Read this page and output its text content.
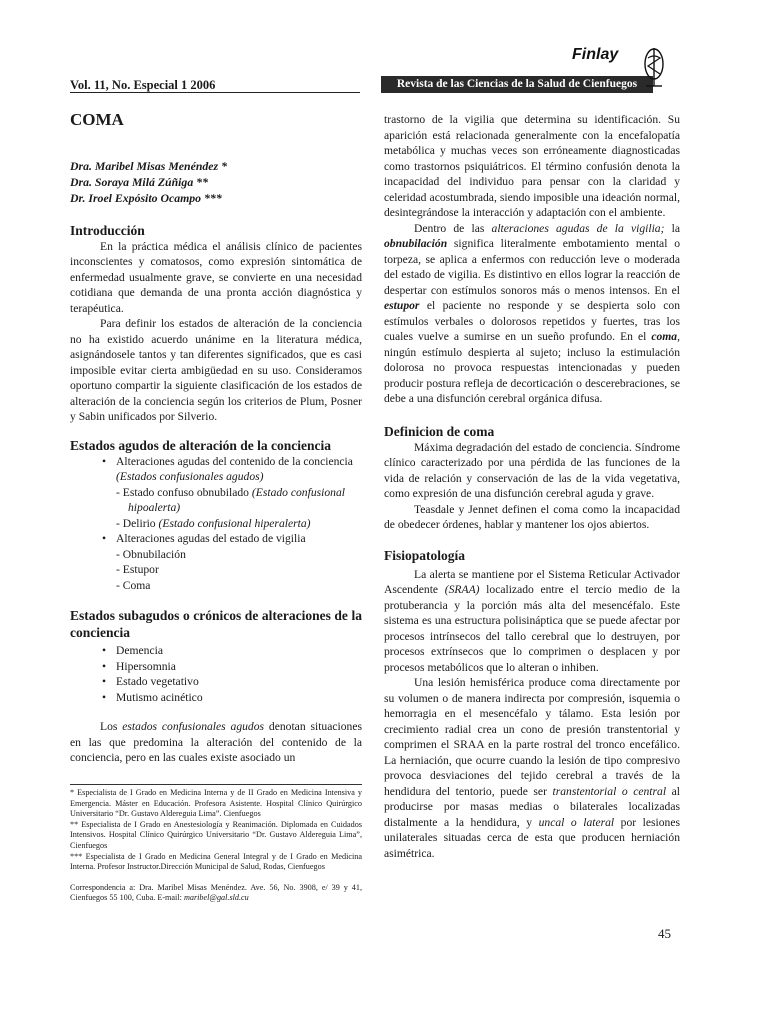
Vol. 11, No. Especial 1 2006	Revista de las Ciencias de la Salud de Cienfuegos
Finlay
COMA
Dra. Maribel Misas Menéndez *
Dra. Soraya Milá Zúñiga **
Dr. Iroel Expósito Ocampo ***
Introducción

En la práctica médica el análisis clínico de pacientes inconscientes y comatosos, como expresión sintomática de enfermedad usualmente grave, se convierte en una necesidad cotidiana que demanda de una pronta acción diagnóstica y terapéutica.

Para definir los estados de alteración de la conciencia no ha existido acuerdo unánime en la literatura médica, asignándosele tantos y tan diferentes significados, que es casi imposible evitar cierta ambigüedad en su uso. Consideramos oportuno compartir la siguiente clasificación de los estados de alteración de la conciencia según los criterios de Plum, Posner y Sabin unificados por Silverio.

Estados agudos de alteración de la conciencia
• Alteraciones agudas del contenido de la conciencia
(Estados confusionales agudos)
- Estado confuso obnubilado (Estado confusional
hipoalerta)
- Delirio (Estado confusional hiperalerta)
• Alteraciones agudas del estado de vigilia
- Obnubilación
- Estupor
- Coma
Estados subagudos o crónicos de alteraciones de la conciencia
• Demencia
• Hipersomnia
• Estado vegetativo
• Mutismo acinético

Los estados confusionales agudos denotan situaciones en las que predomina la alteración del contenido de la conciencia, pero en las cuales existe asociado un

* Especialista de I Grado en Medicina Interna y de II Grado en Medicina Intensiva y Emergencia. Máster en Educación. Profesora Asistente. Hospital Clínico Quirúrgico Universitario “Dr. Gustavo Aldereguia Lima”. Cienfuegos

** Especialista de I Grado en Anestesiología y Reanimación. Diplomada en Cuidados Intensivos. Hospital Clínico Quirúrgico Universitario “Dr. Gustavo Aldereguia Lima”, Cienfuegos

*** Especialista de I Grado en Medicina General Integral y de I Grado en Medicina Interna. Profesor Instructor.Dirección Municipal de Salud, Rodas, Cienfuegos

Correspondencia a: Dra. Maribel Misas Menéndez. Ave. 56, No. 3908, e/ 39 y 41, Cienfuegos 55 100, Cuba. E-mail: maribel@gal.sld.cu

trastorno de la vigilia que determina su identificación. Su aparición está relacionada generalmente con la encefalopatía metabólica y muchas veces son erróneamente diagnosticadas como trastornos psiquiátricos. El término confusión denota la incapacidad del individuo para pensar con la claridad y celeridad acostumbrada, siendo imposible una ideación normal, desintegrándose la interacción y adaptación con el ambiente.

Dentro de las alteraciones agudas de la vigilia; la obnubilación significa literalmente embotamiento mental o torpeza, se aplica a enfermos con reducción leve o moderada del estado de vigilia. Es distintivo en ellos lograr la reacción de despertar con estímulos sonoros más o menos intensos. En el estupor el paciente no responde y se despierta solo con estímulos verbales o dolorosos repetidos y fuertes, tras los cuales vuelve a sumirse en un sueño profundo. En el coma, ningún estímulo despierta al sujeto; incluso la estimulación dolorosa no provoca respuestas intencionadas y pueden producir postura refleja de decorticación o descerebraciones, se debe a una disfunción cerebral orgánica difusa.

Definicion de coma

Máxima degradación del estado de conciencia. Síndrome clínico caracterizado por una pérdida de las funciones de la vida de relación y conservación de las de la vida vegetativa, como expresión de una disfunción cerebral aguda y grave.

Teasdale y Jennet definen el coma como la incapacidad de obedecer órdenes, hablar y mantener los ojos abiertos.

Fisiopatología

La alerta se mantiene por el Sistema Reticular Activador Ascendente (SRAA) localizado entre el tercio medio de la protuberancia y la porción más alta del mesencéfalo. Este sistema es una estructura polisináptica que se puede afectar por procesos intrínsecos del tallo cerebral que lo destruyen, por procesos extrínsecos que lo comprimen o desplacen y por procesos metabólicos que lo alteran o inhiben.

Una lesión hemisférica produce coma directamente por su volumen o de manera indirecta por compresión, isquemia o hemorragia en el mesencéfalo y tálamo. Esta lesión por crecimiento radial crea un cono de presión transtentorial y comprimen el SRAA en la parte rostral del tronco encefálico. La herniación, que ocurre cuando la lesión de tipo compresivo provoca desviaciones del tejido cerebral a través de la hendidura del tentorio, puede ser transtentorial o central al producirse por masas medias o bilaterales localizadas distalmente a la hendidura, y uncal o lateral por lesiones unilaterales situadas cerca de esta que producen herniación asimétrica.

45
